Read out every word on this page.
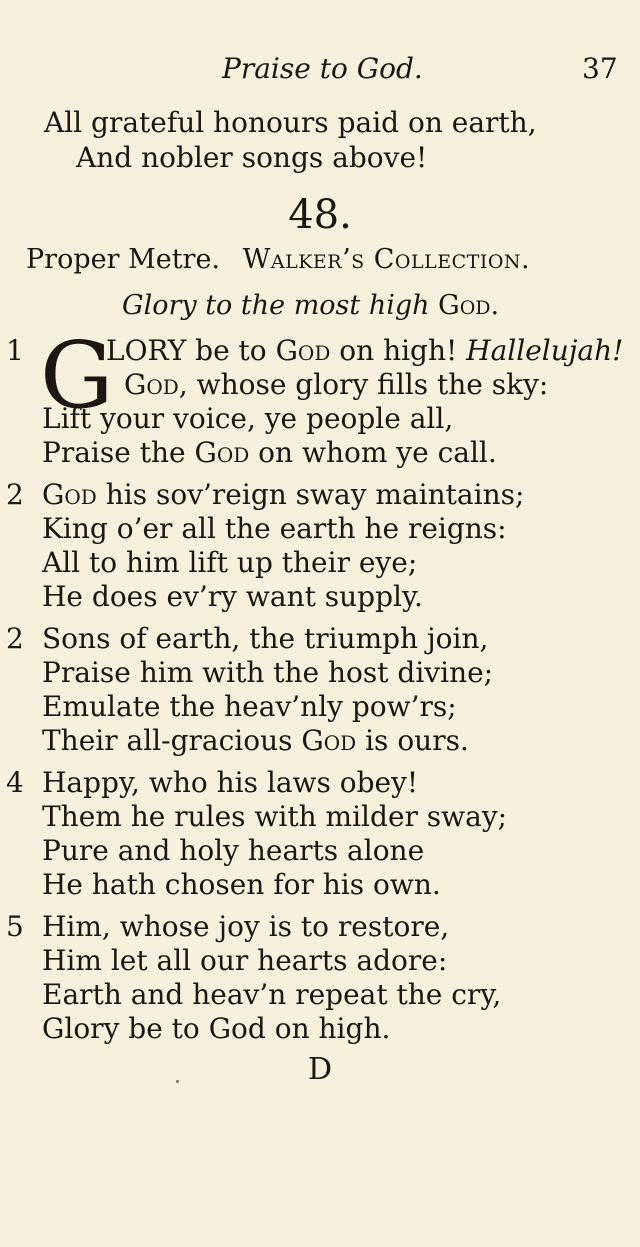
Praise to God.	37
All grateful honours paid on earth,
And nobler songs above!
48.
Proper Metre. Walker’s Collection.
Glory to the most high God.
1 G
LORY be to God on high! Hallelujah!
God, whose glory fills the sky:
Lift your voice, ye people all,
Praise the God on whom ye call.
2 God his sov’reign sway maintains;
King o’er all the earth he reigns:
All to him lift up their eye;
He does ev’ry want supply.
2 Sons of earth, the triumph join,
Praise him with the host divine;
Emulate the heav’nly pow’rs;
Their all-gracious God is ours.
4 Happy, who his laws obey!
Them he rules with milder sway;
Pure and holy hearts alone
He hath chosen for his own.
5 Him, whose joy is to restore,
Him let all our hearts adore:
Earth and heav’n repeat the cry,
Glory be to God on high.
D
